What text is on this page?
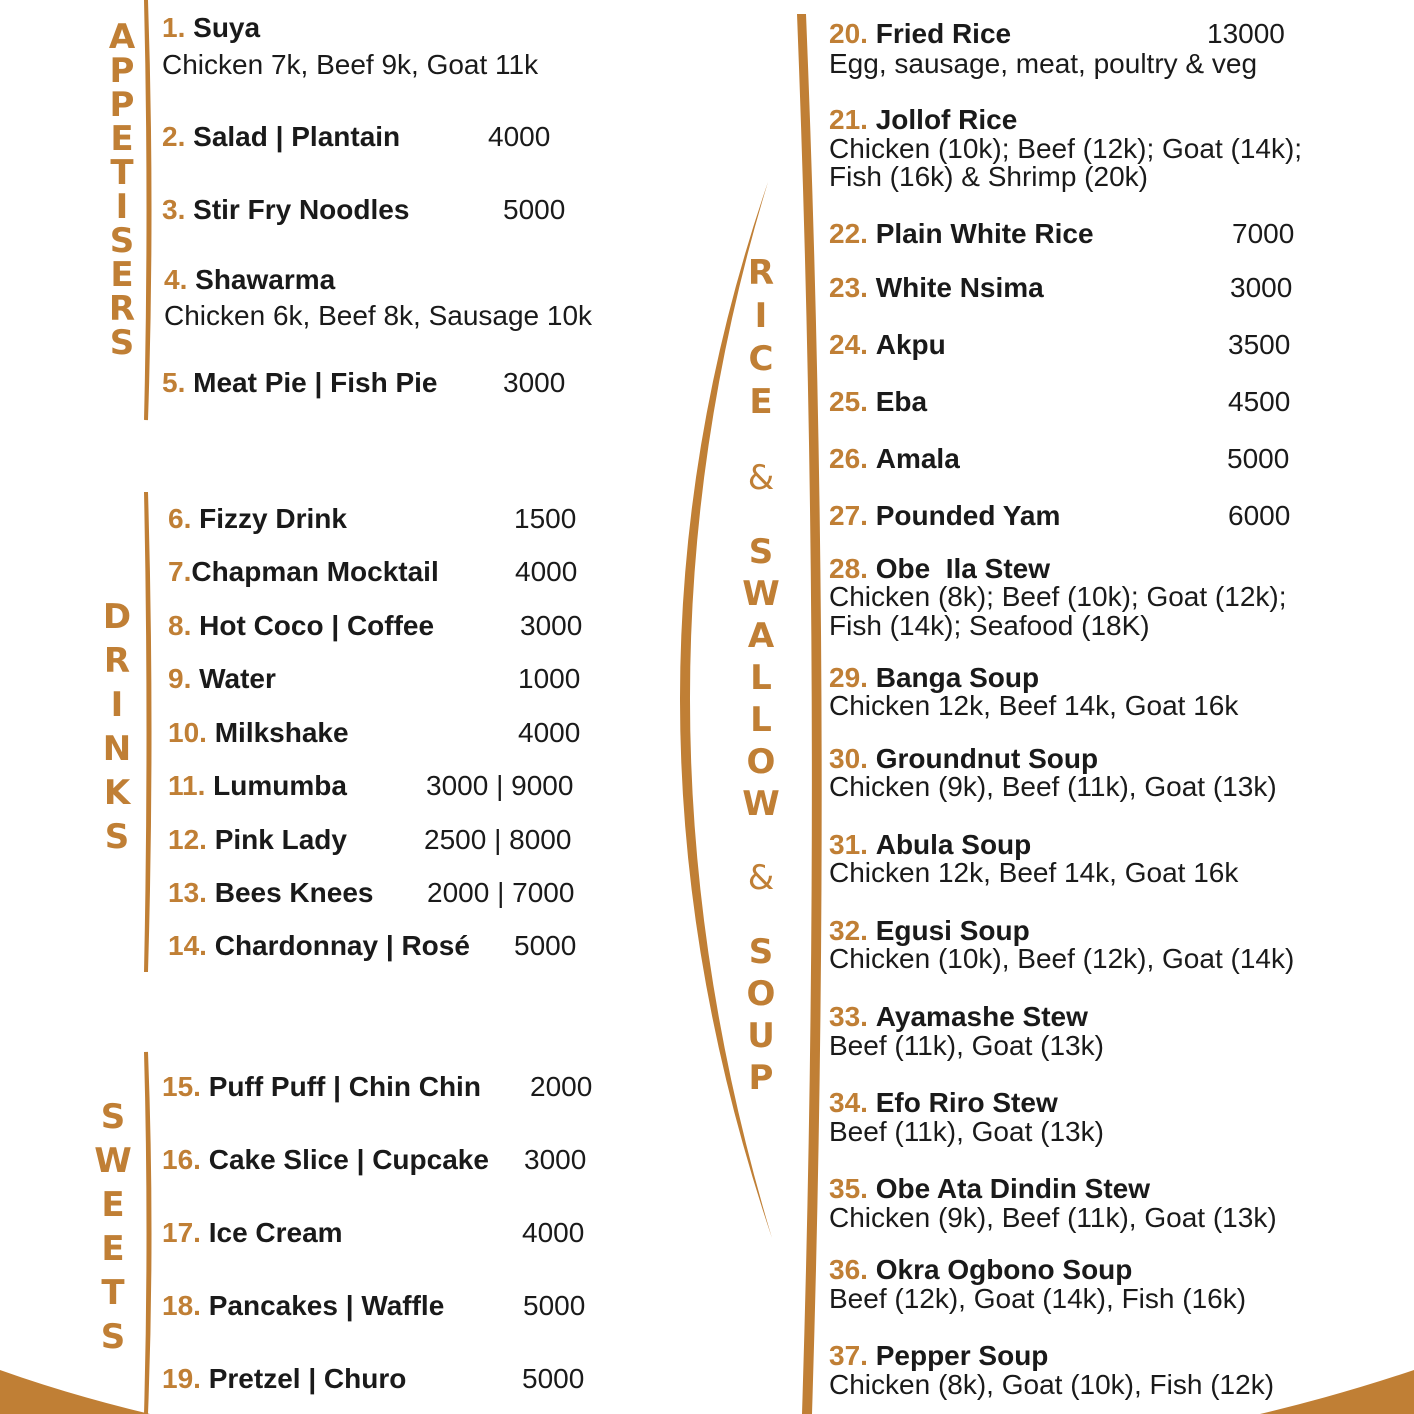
A
P
P
E
T
I
S
E
R
S
D
R
I
N
K
S
S
W
E
E
T
S
R
I
C
E
&
S
W
A
L
L
O
W
&
S
O
U
P
1. Suya
Chicken 7k, Beef 9k, Goat 11k
2. Salad | Plantain	4000
3. Stir Fry Noodles	5000
4. Shawarma
Chicken 6k, Beef 8k, Sausage 10k
5. Meat Pie | Fish Pie 3000
6. Fizzy Drink	1500
7.Chapman Mocktail	4000
8. Hot Coco | Coffee	3000
9. Water	1000
10. Milkshake	4000
11. Lumumba	3000 | 9000
12. Pink Lady	2500 | 8000
13. Bees Knees 2000 | 7000
14. Chardonnay | Rosé 5000
15. Puff Puff | Chin Chin 2000
16. Cake Slice | Cupcake 3000
17. Ice Cream	4000
18. Pancakes | Waffle	5000
19. Pretzel | Churo	5000
20. Fried Rice	13000
Egg, sausage, meat, poultry & veg
21. Jollof Rice
Chicken (10k); Beef (12k); Goat (14k);
Fish (16k) & Shrimp (20k)
22. Plain White Rice	7000
23. White Nsima	3000
24. Akpu	3500
25. Eba	4500
26. Amala	5000
27. Pounded Yam	6000
28. Obe  Ila Stew
Chicken (8k); Beef (10k); Goat (12k);
Fish (14k); Seafood (18K)
29. Banga Soup
Chicken 12k, Beef 14k, Goat 16k
30. Groundnut Soup
Chicken (9k), Beef (11k), Goat (13k)
31. Abula Soup
Chicken 12k, Beef 14k, Goat 16k
32. Egusi Soup
Chicken (10k), Beef (12k), Goat (14k)
33. Ayamashe Stew
Beef (11k), Goat (13k)
34. Efo Riro Stew
Beef (11k), Goat (13k)
35. Obe Ata Dindin Stew
Chicken (9k), Beef (11k), Goat (13k)
36. Okra Ogbono Soup
Beef (12k), Goat (14k), Fish (16k)
37. Pepper Soup
Chicken (8k), Goat (10k), Fish (12k)
